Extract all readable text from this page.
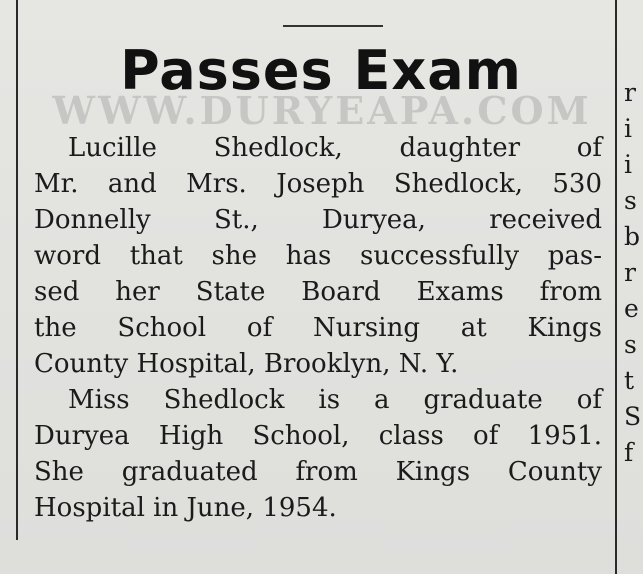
Passes Exam
WWW.DURYEAPA.COM
Lucille Shedlock, daughter of
Mr. and Mrs. Joseph Shedlock, 530
Donnelly St., Duryea, received
word that she has successfully pas-
sed her State Board Exams from
the School of Nursing at Kings
County Hospital, Brooklyn, N. Y.
Miss Shedlock is a graduate of
Duryea High School, class of 1951.
She graduated from Kings County
Hospital in June, 1954.
r
i
i
s
b
r
e
s
t
S
f
